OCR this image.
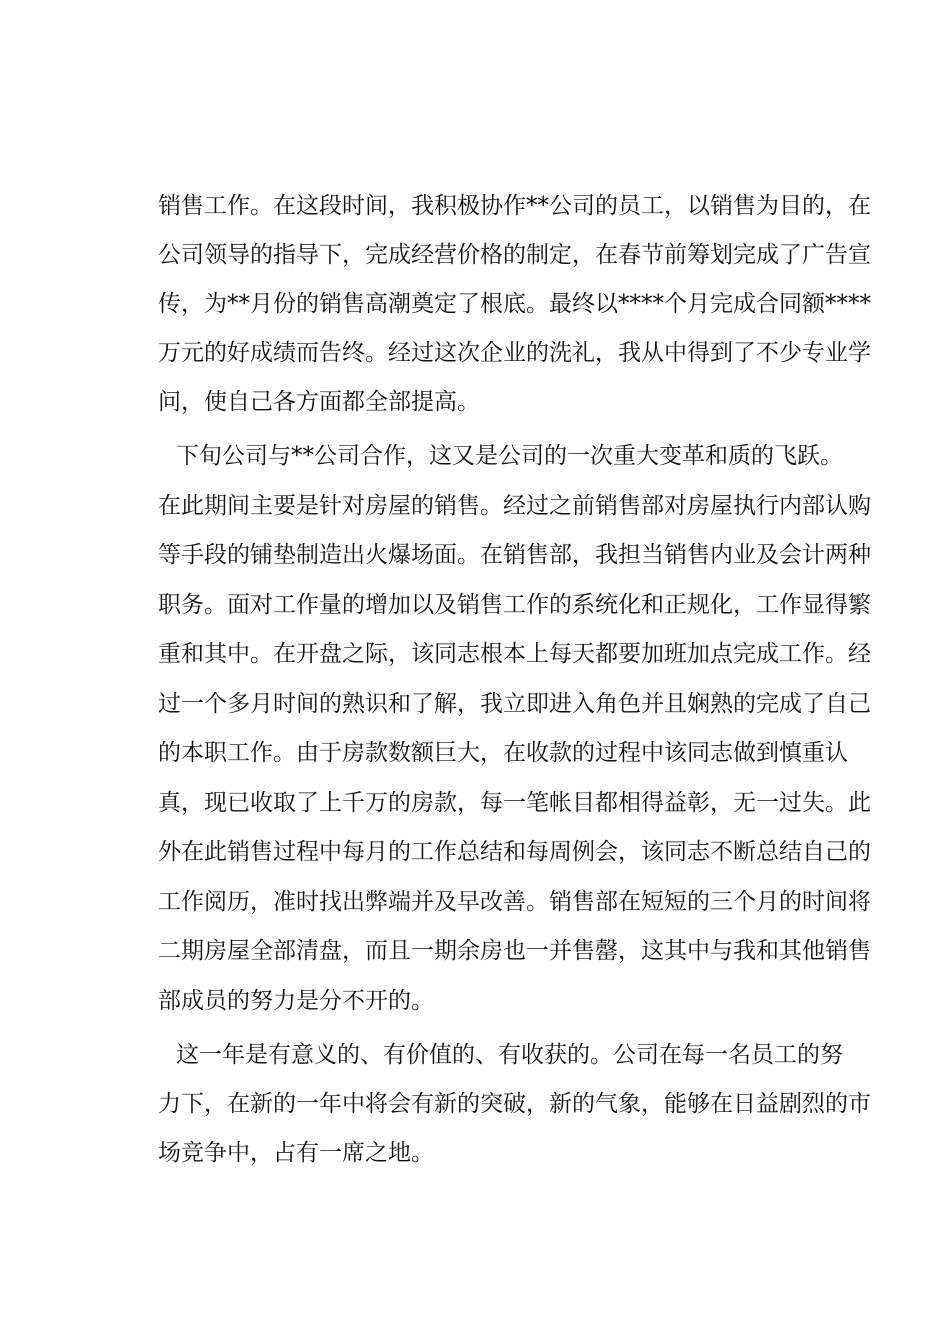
销售工作。在这段时间，我积极协作**公司的员工，以销售为目的，在
公司领导的指导下，完成经营价格的制定，在春节前筹划完成了广告宣
传，为**月份的销售高潮奠定了根底。最终以****个月完成合同额****
万元的好成绩而告终。经过这次企业的洗礼，我从中得到了不少专业学
问，使自己各方面都全部提高。
下旬公司与**公司合作，这又是公司的一次重大变革和质的飞跃。
在此期间主要是针对房屋的销售。经过之前销售部对房屋执行内部认购
等手段的铺垫制造出火爆场面。在销售部，我担当销售内业及会计两种
职务。面对工作量的增加以及销售工作的系统化和正规化，工作显得繁
重和其中。在开盘之际，该同志根本上每天都要加班加点完成工作。经
过一个多月时间的熟识和了解，我立即进入角色并且娴熟的完成了自己
的本职工作。由于房款数额巨大，在收款的过程中该同志做到慎重认
真，现已收取了上千万的房款，每一笔帐目都相得益彰，无一过失。此
外在此销售过程中每月的工作总结和每周例会，该同志不断总结自己的
工作阅历，准时找出弊端并及早改善。销售部在短短的三个月的时间将
二期房屋全部清盘，而且一期余房也一并售罄，这其中与我和其他销售
部成员的努力是分不开的。
这一年是有意义的、有价值的、有收获的。公司在每一名员工的努
力下，在新的一年中将会有新的突破，新的气象，能够在日益剧烈的市
场竞争中，占有一席之地。
